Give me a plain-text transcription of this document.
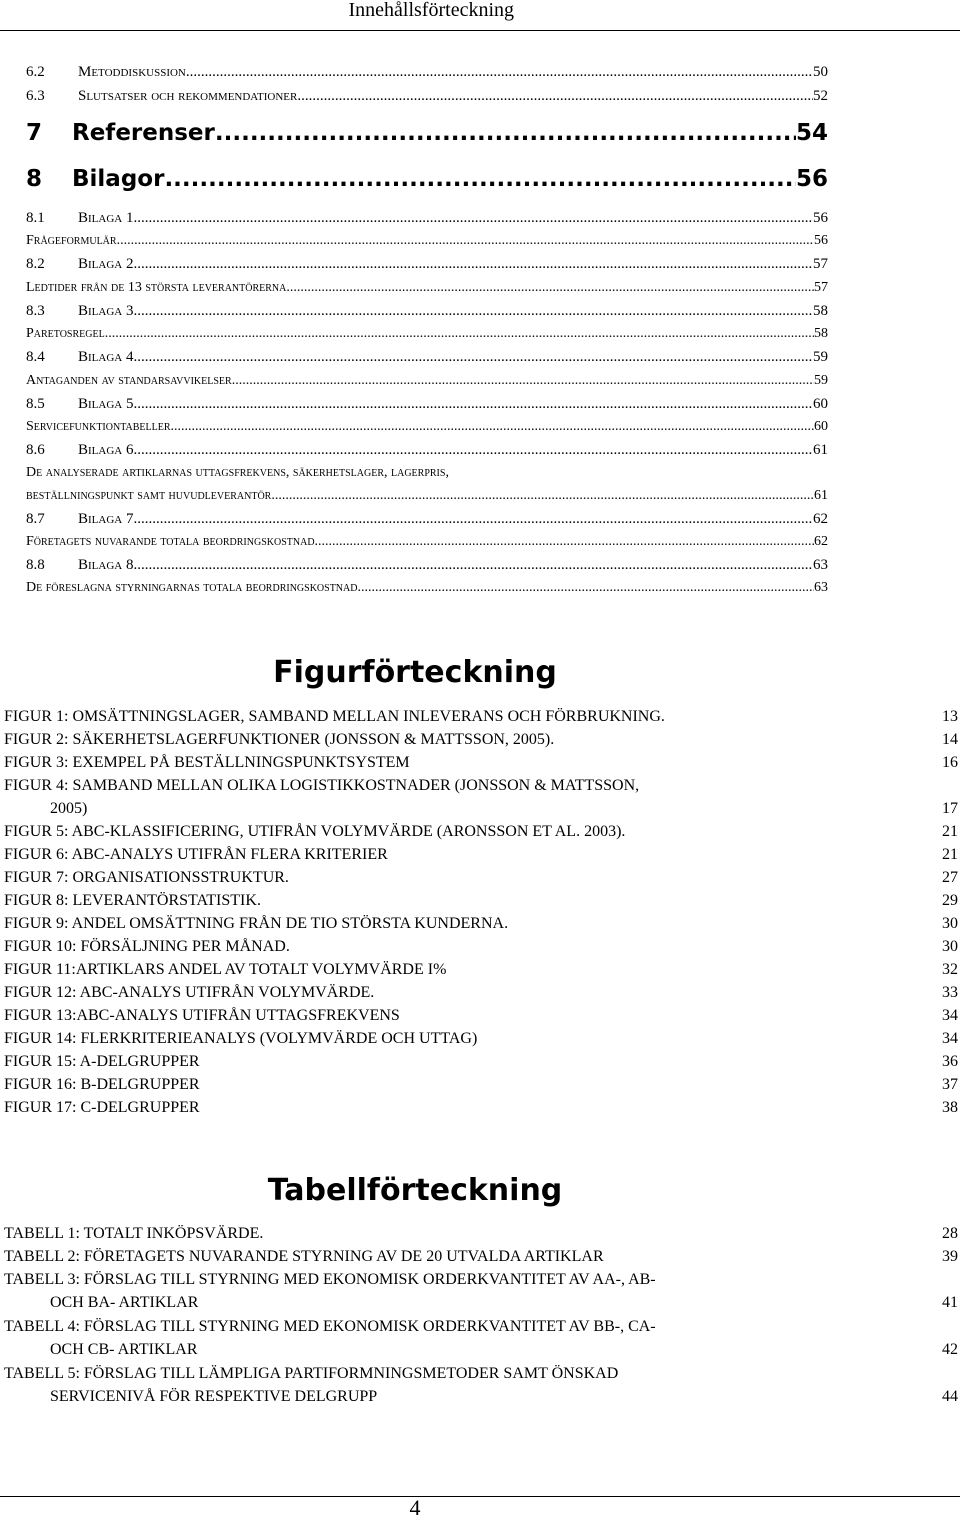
Innehållsförteckning
6.2 Metoddiskussion .....	50
6.3 Slutsatser och rekommendationer .....	52
7 Referenser .....	54
8 Bilagor .....	56
8.1 Bilaga 1 .....	56
Frågeformulär .....	56
8.2 Bilaga 2 .....	57
Ledtider från de 13 största leverantörerna .....	57
8.3 Bilaga 3 .....	58
Paretosregel .....	58
8.4 Bilaga 4 .....	59
Antaganden av standarsavvikelser .....	59
8.5 Bilaga 5 .....	60
Servicefunktiontabeller .....	60
8.6 Bilaga 6 .....	61
De analyserade artiklarnas uttagsfrekvens, säkerhetslager, lagerpris,
beställningspunkt samt huvudleverantör .....	61
8.7 Bilaga 7 .....	62
Företagets nuvarande totala beordringskostnad .....	62
8.8 Bilaga 8 .....	63
De föreslagna styrningarnas totala beordringskostnad .....	63
Figurförteckning
FIGUR 1: OMSÄTTNINGSLAGER, SAMBAND MELLAN INLEVERANS OCH FÖRBRUKNING.	13
FIGUR 2: SÄKERHETSLAGERFUNKTIONER (JONSSON & MATTSSON, 2005).	14
FIGUR 3: EXEMPEL PÅ BESTÄLLNINGSPUNKTSYSTEM	16
FIGUR 4: SAMBAND MELLAN OLIKA LOGISTIKKOSTNADER (JONSSON & MATTSSON,
2005)	17
FIGUR 5: ABC-KLASSIFICERING, UTIFRÅN VOLYMVÄRDE (ARONSSON ET AL. 2003).	21
FIGUR 6: ABC-ANALYS UTIFRÅN FLERA KRITERIER	21
FIGUR 7: ORGANISATIONSSTRUKTUR.	27
FIGUR 8: LEVERANTÖRSTATISTIK.	29
FIGUR 9: ANDEL OMSÄTTNING FRÅN DE TIO STÖRSTA KUNDERNA.	30
FIGUR 10: FÖRSÄLJNING PER MÅNAD.	30
FIGUR 11:ARTIKLARS ANDEL AV TOTALT VOLYMVÄRDE I%	32
FIGUR 12: ABC-ANALYS UTIFRÅN VOLYMVÄRDE.	33
FIGUR 13:ABC-ANALYS UTIFRÅN UTTAGSFREKVENS	34
FIGUR 14: FLERKRITERIEANALYS (VOLYMVÄRDE OCH UTTAG)	34
FIGUR 15: A-DELGRUPPER	36
FIGUR 16: B-DELGRUPPER	37
FIGUR 17: C-DELGRUPPER	38
Tabellförteckning
TABELL 1: TOTALT INKÖPSVÄRDE.	28
TABELL 2: FÖRETAGETS NUVARANDE STYRNING AV DE 20 UTVALDA ARTIKLAR	39
TABELL 3: FÖRSLAG TILL STYRNING MED EKONOMISK ORDERKVANTITET AV AA-, AB-
OCH BA- ARTIKLAR	41
TABELL 4: FÖRSLAG TILL STYRNING MED EKONOMISK ORDERKVANTITET AV BB-, CA-
OCH CB- ARTIKLAR	42
TABELL 5: FÖRSLAG TILL LÄMPLIGA PARTIFORMNINGSMETODER SAMT ÖNSKAD
SERVICENIVÅ FÖR RESPEKTIVE DELGRUPP	44
4
